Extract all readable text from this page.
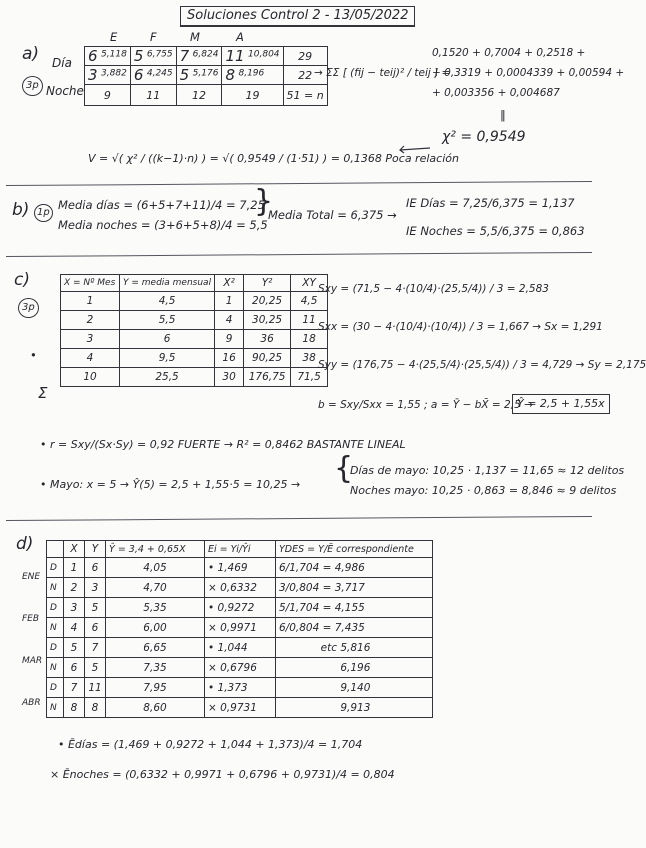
Soluciones Control 2 - 13/05/2022
a)
3p
E	F	M	A
Día
Noche
6 $^{5,118}$	5 $^{6,755}$	7 $^{6,824}$	11 $^{10,804}$	29
3 $^{3,882}$	6 $^{4,245}$	5 $^{5,176}$	8 $^{8,196}$	22
9	11	12	19	51 = n
→ ΣΣ [ (fij − teij)² / teij ] =
0,1520 + 0,7004 + 0,2518 +
+ 0,3319 + 0,0004339 + 0,00594 +
+ 0,003356 + 0,004687
‖
χ² = 0,9549
V = √( χ² / ((k−1)·n) ) = √( 0,9549 / (1·51) ) = 0,1368 Poca relación
b) 1p
Media días = (6+5+7+11)/4 = 7,25
Media noches = (3+6+5+8)/4 = 5,5
}
Media Total = 6,375 →
IE Días = 7,25/6,375 = 1,137
IE Noches = 5,5/6,375 = 0,863
c)
3p
•
X = Nº Mes	Y = media mensual	X²	Y²	XY
1	4,5	1	20,25	4,5
2	5,5	4	30,25	11
3	6	9	36	18
4	9,5	16	90,25	38
10	25,5	30	176,75	71,5
Σ
Sxy = (71,5 − 4·(10/4)·(25,5/4)) / 3 = 2,583
Sxx = (30 − 4·(10/4)·(10/4)) / 3 = 1,667 → Sx = 1,291
Syy = (176,75 − 4·(25,5/4)·(25,5/4)) / 3 = 4,729 → Sy = 2,175
b = Sxy/Sxx = 1,55 ; a = Ȳ − bX̄ = 2,5 →
Ŷ = 2,5 + 1,55x
• r = Sxy/(Sx·Sy) = 0,92 FUERTE → R² = 0,8462 BASTANTE LINEAL
• Mayo: x = 5 → Ŷ(5) = 2,5 + 1,55·5 = 10,25 → {
Días de mayo: 10,25 · 1,137 = 11,65 ≈ 12 delitos
Noches mayo: 10,25 · 0,863 = 8,846 ≈ 9 delitos
d)
ENE
FEB
MAR
ABR
	X	Y	Ŷ = 3,4 + 0,65X	Ei = Yi/Ŷi	YDES = Y/Ē correspondiente
D	1	6	4,05	• 1,469	6/1,704 = 4,986
N	2	3	4,70	× 0,6332	3/0,804 = 3,717
D	3	5	5,35	• 0,9272	5/1,704 = 4,155
N	4	6	6,00	× 0,9971	6/0,804 = 7,435
D	5	7	6,65	• 1,044	etc 5,816
N	6	5	7,35	× 0,6796	6,196
D	7	11	7,95	• 1,373	9,140
N	8	8	8,60	× 0,9731	9,913
• Ēdías = (1,469 + 0,9272 + 1,044 + 1,373)/4 = 1,704
× Ēnoches = (0,6332 + 0,9971 + 0,6796 + 0,9731)/4 = 0,804
